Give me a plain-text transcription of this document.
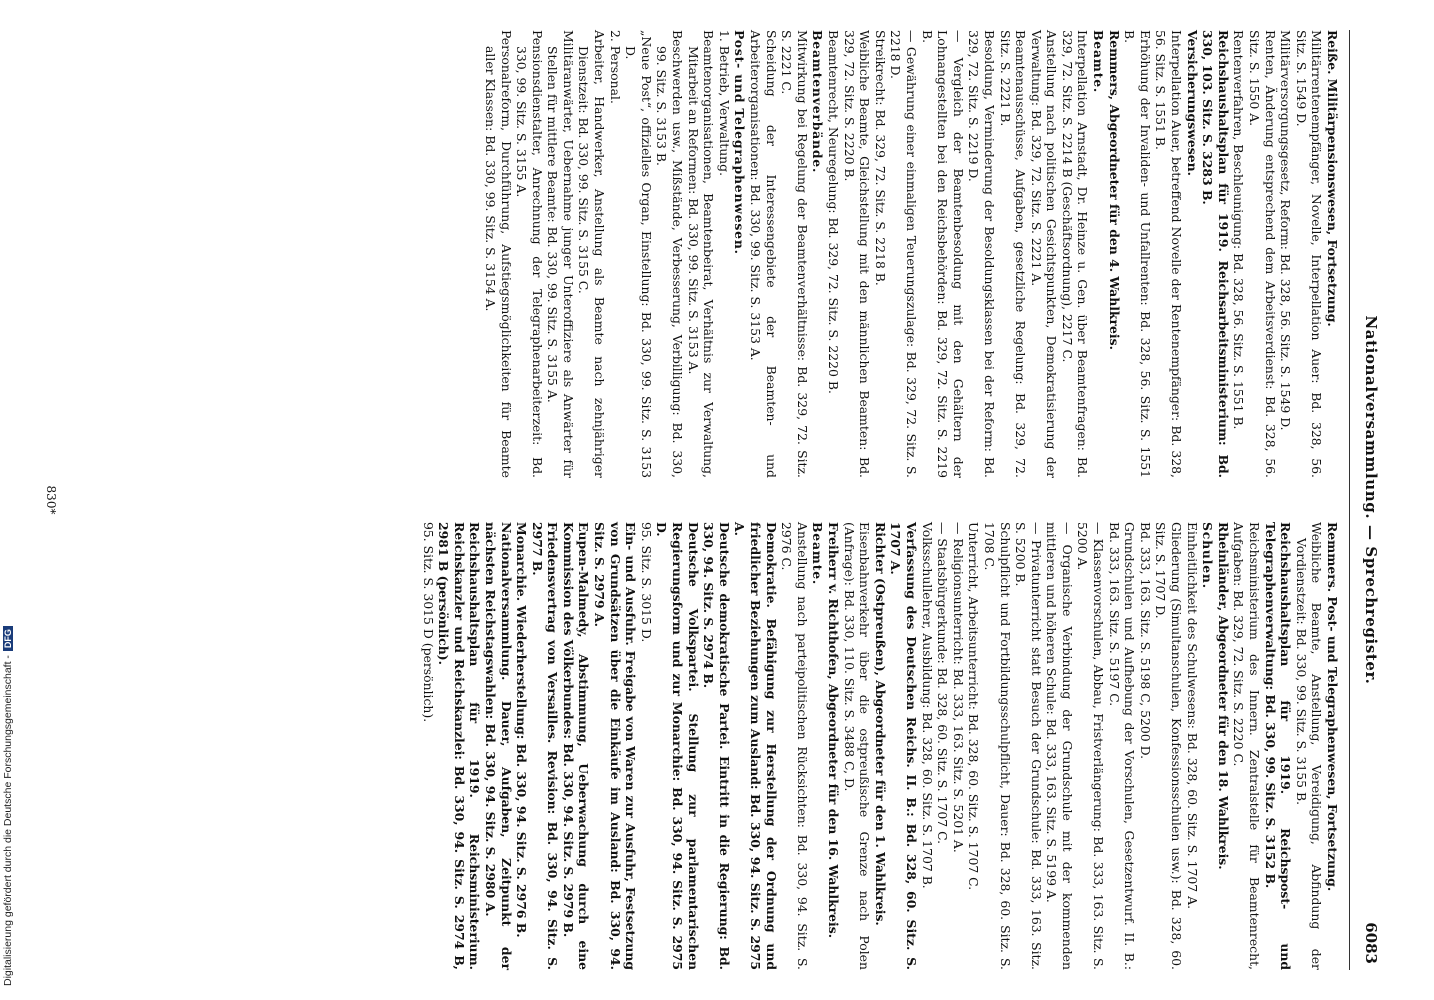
Nationalversammlung. — Sprechregister.
6083

Reiße. Militärpensionswesen, Fortsetzung.

Militärrentenempfänger, Novelle, Interpellation Auer: Bd. 328, 56. Sitz. S. 1549 D.

Militärversorgungsgesetz, Reform: Bd. 328, 56. Sitz. S. 1549 D.

Renten, Änderung entsprechend dem Arbeitsverdienst: Bd. 328, 56. Sitz. S. 1550 A.

Rentenverfahren, Beschleunigung: Bd. 328, 56. Sitz. S. 1551 B.

Reichshaushaltsplan für 1919. Reichsarbeitsministerium: Bd. 330, 103. Sitz. S. 3283 B.

Versicherungswesen.

Interpellation Auer, betreffend Novelle der Rentenempfänger: Bd. 328, 56. Sitz. S. 1551 B.

Erhöhung der Invaliden- und Unfallrenten: Bd. 328, 56. Sitz. S. 1551 B.

Remmers, Abgeordneter für den 4. Wahlkreis.

Beamte.

Interpellation Arnstadt, Dr. Heinze u. Gen. über Beamtenfragen: Bd. 329, 72. Sitz. S. 2214 B (Geschäftsordnung), 2217 C.

Anstellung nach politischen Gesichtspunkten, Demokratisierung der Verwaltung: Bd. 329, 72. Sitz. S. 2221 A.

Beamtenausschüsse, Aufgaben, gesetzliche Regelung: Bd. 329, 72. Sitz. S. 2221 B.

Besoldung, Verminderung der Besoldungsklassen bei der Reform: Bd. 329, 72. Sitz. S. 2219 D.

— Vergleich der Beamtenbesoldung mit den Gehältern der Lohnangestellten bei den Reichsbehörden: Bd. 329, 72. Sitz. S. 2219 B.

— Gewährung einer einmaligen Teuerungszulage: Bd. 329, 72. Sitz. S. 2218 D.

Streikrecht: Bd. 329, 72. Sitz. S. 2218 B.

Weibliche Beamte, Gleichstellung mit den männlichen Beamten: Bd. 329, 72. Sitz. S. 2220 B.

Beamtenrecht, Neuregelung: Bd. 329, 72. Sitz. S. 2220 B.

Beamtenverbände.

Mitwirkung bei Regelung der Beamtenverhältnisse: Bd. 329, 72. Sitz. S. 2221 C.

Scheidung der Interessengebiete der Beamten- und Arbeiterorganisationen: Bd. 330, 99. Sitz. S. 3153 A.

Post- und Telegraphenwesen.

1. Betrieb, Verwaltung.

Beamtenorganisationen, Beamtenbeirat, Verhältnis zur Verwaltung, Mitarbeit an Reformen: Bd. 330, 99. Sitz. S. 3153 A.

Beschwerden usw., Mißstände, Verbesserung, Verbilligung: Bd. 330, 99. Sitz. S. 3153 B.

„Neue Post“, offizielles Organ, Einstellung: Bd. 330, 99. Sitz. S. 3153 D.

2. Personal.

Arbeiter, Handwerker, Anstellung als Beamte nach zehnjähriger Dienstzeit: Bd. 330, 99. Sitz. S. 3155 C.

Militäranwärter, Uebernahme junger Unteroffiziere als Anwärter für Stellen für mittlere Beamte: Bd. 330, 99. Sitz. S. 3155 A.

Pensionsdienstalter, Anrechnung der Telegraphenarbeiterzeit: Bd. 330, 99. Sitz. S. 3155 A.

Personalreform, Durchführung, Aufstiegsmöglichkeiten für Beamte aller Klassen: Bd. 330, 99. Sitz. S. 3154 A.

Remmers. Post- und Telegraphenwesen, Fortsetzung.

Weibliche Beamte, Anstellung, Vereidigung, Abfindung der Vordienstzeit: Bd. 330, 99. Sitz. S. 3155 B.

Reichshaushaltsplan für 1919. Reichspost- und Telegraphenverwaltung: Bd. 330, 99. Sitz. S. 3152 B.

Reichsministerium des Innern. Zentralstelle für Beamtenrecht, Aufgaben: Bd. 329, 72. Sitz. S. 2220 C.

Rheinländer, Abgeordneter für den 18. Wahlkreis.

Schulen.

Einheitlichkeit des Schulwesens: Bd. 328, 60. Sitz. S. 1707 A.

Gliederung (Simultanschulen, Konfessionsschulen usw.): Bd. 328, 60. Sitz. S. 1707 D.

Bd. 333, 163. Sitz. S. 5198 C, 5200 D.

Grundschulen und Aufhebung der Vorschulen, Gesetzentwurf. II. B.: Bd. 333, 163. Sitz. S. 5197 C.

— Klassenvorschulen, Abbau, Fristverlängerung: Bd. 333, 163. Sitz. S. 5200 A.

— Organische Verbindung der Grundschule mit der kommenden mittleren und höheren Schule: Bd. 333, 163. Sitz. S. 5199 A.

— Privatunterricht statt Besuch der Grundschule: Bd. 333, 163. Sitz. S. 5200 B.

Schulpflicht und Fortbildungsschulpflicht, Dauer: Bd. 328, 60. Sitz. S. 1708 C.

Unterricht, Arbeitsunterricht: Bd. 328, 60. Sitz. S. 1707 C.

— Religionsunterricht: Bd. 333, 163. Sitz. S. 5201 A.

— Staatsbürgerkunde: Bd. 328, 60. Sitz. S. 1707 C.

Volksschullehrer, Ausbildung: Bd. 328, 60. Sitz. S. 1707 B.

Verfassung des Deutschen Reichs. II. B.: Bd. 328, 60. Sitz. S. 1707 A.

Richter (Ostpreußen), Abgeordneter für den 1. Wahlkreis.

Eisenbahnverkehr über die ostpreußische Grenze nach Polen (Anfrage): Bd. 330, 110. Sitz. S. 3488 C, D.

Freiherr v. Richthofen, Abgeordneter für den 16. Wahlkreis.

Beamte.

Anstellung nach parteipolitischen Rücksichten: Bd. 330, 94. Sitz. S. 2976 C.

Demokratie. Befähigung zur Herstellung der Ordnung und friedlicher Beziehungen zum Ausland: Bd. 330, 94. Sitz. S. 2975 A.

Deutsche demokratische Partei. Eintritt in die Regierung: Bd. 330, 94. Sitz. S. 2974 B.

Deutsche Volkspartei. Stellung zur parlamentarischen Regierungsform und zur Monarchie: Bd. 330, 94. Sitz. S. 2975 D.

95. Sitz. S. 3015 D.

Ein- und Ausfuhr. Freigabe von Waren zur Ausfuhr, Festsetzung von Grundsätzen über die Einkäufe im Ausland: Bd. 330, 94. Sitz. S. 2979 A.

Eupen-Malmedy, Abstimmung, Ueberwachung durch eine Kommission des Völkerbundes: Bd. 330, 94. Sitz. S. 2979 B.

Friedensvertrag von Versailles. Revision: Bd. 330, 94. Sitz. S. 2977 B.

Monarchie. Wiederherstellung: Bd. 330, 94. Sitz. S. 2976 B.

Nationalversammlung. Dauer, Aufgaben, Zeitpunkt der nächsten Reichstagswahlen: Bd. 330, 94. Sitz. S. 2980 A.

Reichshaushaltsplan für 1919. Reichsministerium. Reichskanzler und Reichskanzlei: Bd. 330, 94. Sitz. S. 2974 B, 2981 B (persönlich).

95. Sitz. S. 3015 D (persönlich).

830*
Digitalisierung gefördert durch die Deutsche Forschungsgemeinschaft -DFG
